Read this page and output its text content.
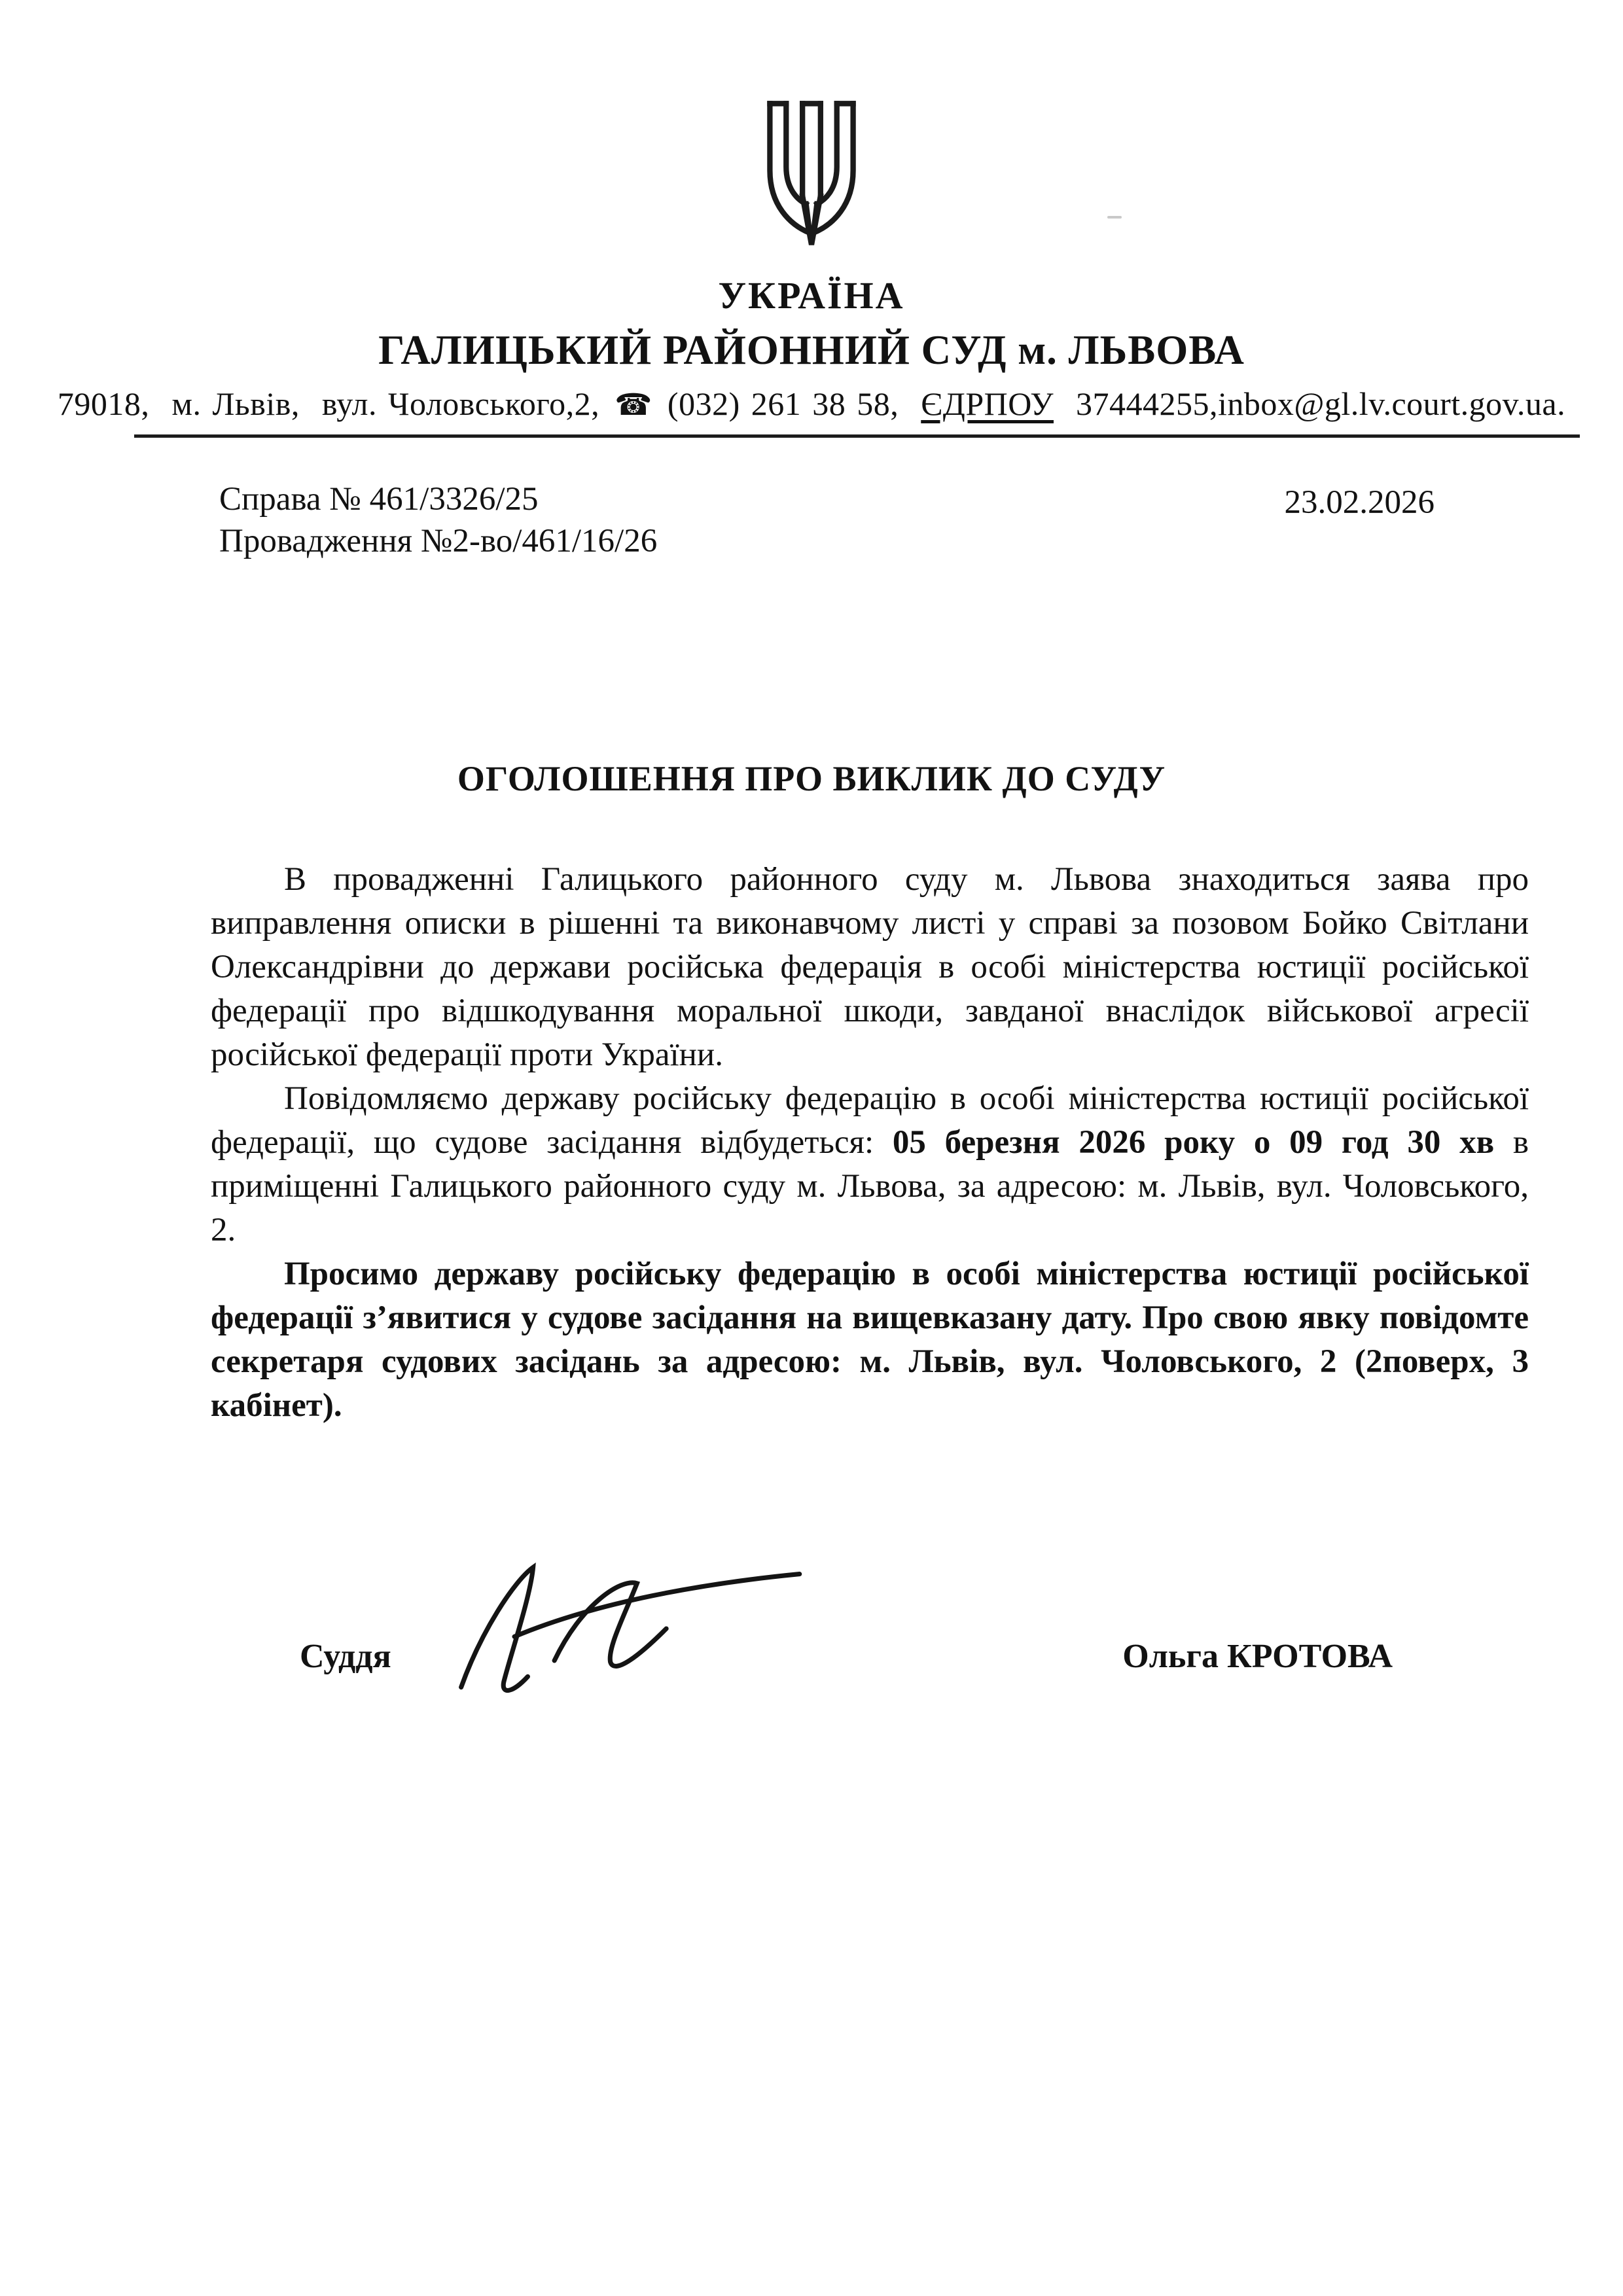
УКРАЇНА
ГАЛИЦЬКИЙ РАЙОННИЙ СУД м. ЛЬВОВА
79018,  м. Львів,  вул. Чоловського,2, ☎ (032) 261 38 58,  ЄДРПОУ  37444255,inbox@gl.lv.court.gov.ua.
Справа № 461/3326/25
Провадження №2-во/461/16/26
23.02.2026
ОГОЛОШЕННЯ ПРО ВИКЛИК ДО СУДУ

В провадженні Галицького районного суду м. Львова знаходиться заява про виправлення описки в рішенні та виконавчому листі у справі за позовом Бойко Світлани Олександрівни до держави російська федерація в особі міністерства юстиції російської федерації про відшкодування моральної шкоди, завданої внаслідок військової агресії російської федерації проти України.

Повідомляємо державу російську федерацію в особі міністерства юстиції російської федерації, що судове засідання відбудеться: 05 березня 2026 року о 09 год 30 хв в приміщенні Галицького районного суду м. Львова, за адресою: м. Львів, вул. Чоловського, 2.

Просимо державу російську федерацію в особі міністерства юстиції російської федерації з’явитися у судове засідання на вищевказану дату. Про свою явку повідомте секретаря судових засідань за адресою: м. Львів, вул. Чоловського, 2 (2поверх, 3 кабінет).

Суддя	Ольга КРОТОВА
